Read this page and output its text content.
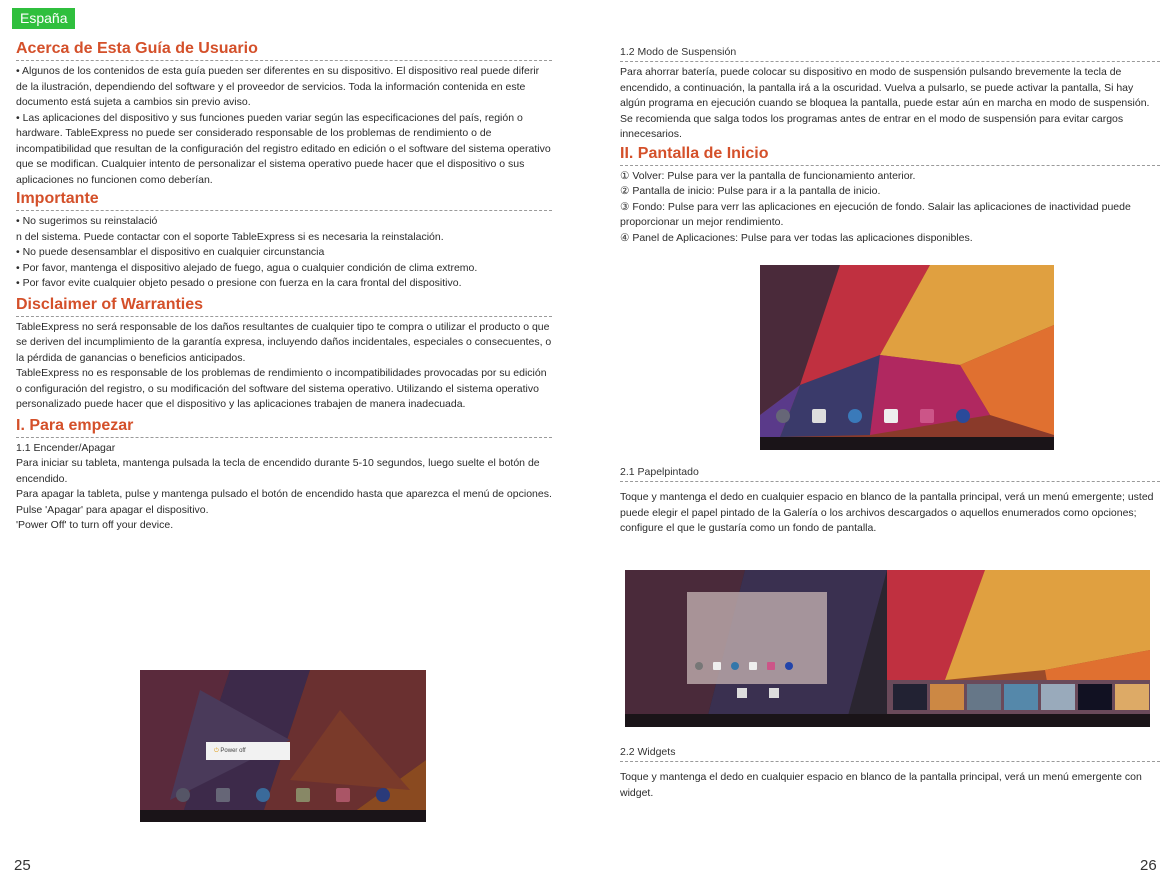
España
Acerca de Esta Guía de Usuario

• Algunos de los contenidos de esta guía pueden ser diferentes en su dispositivo. El dispositivo real puede diferir de la ilustración, dependiendo del software y el proveedor de servicios. Toda la información contenida en este documento está sujeta a cambios sin previo aviso.

• Las aplicaciones del dispositivo y sus funciones pueden variar según las especificaciones del país, región o hardware. TableExpress no puede ser considerado responsable de los problemas de rendimiento o de incompatibilidad que resultan de la configuración del registro editado en edición o el software del sistema operativo que se modifican. Cualquier intento de personalizar el sistema operativo puede hacer que el dispositivo o sus aplicaciones no funcionen como deberían.

Importante

• No sugerimos su reinstalació

n del sistema. Puede contactar con el soporte TableExpress si es necesaria la reinstalación.

• No puede desensamblar el dispositivo en cualquier circunstancia

• Por favor, mantenga el dispositivo alejado de fuego, agua o cualquier condición de clima extremo.

• Por favor evite cualquier objeto pesado o presione con fuerza en la cara frontal del dispositivo.

Disclaimer of Warranties

TableExpress no será responsable de los daños resultantes de cualquier tipo te compra o utilizar el producto o que se deriven del incumplimiento de la garantía expresa, incluyendo daños incidentales, especiales o consecuentes, o la pérdida de ganancias o beneficios anticipados.

TableExpress no es responsable de los problemas de rendimiento o incompatibilidades provocadas por su edición o configuración del registro, o su modificación del software del sistema operativo. Utilizando el sistema operativo personalizado puede hacer que el dispositivo y las aplicaciones trabajen de manera inadecuada.

I. Para empezar

1.1 Encender/Apagar

Para iniciar su tableta, mantenga pulsada la tecla de encendido durante 5-10 segundos, luego suelte el botón de encendido.

Para apagar la tableta, pulse y mantenga pulsado el botón de encendido hasta que aparezca el menú de opciones. Pulse 'Apagar' para apagar el dispositivo.

'Power Off' to turn off your device.

⏻ Power off

1.2 Modo de Suspensión

Para ahorrar batería, puede colocar su dispositivo en modo de suspensión pulsando brevemente la tecla de encendido, a continuación, la pantalla irá a la oscuridad. Vuelva a pulsarlo, se puede activar la pantalla, Si hay algún programa en ejecución cuando se bloquea la pantalla, puede estar aún en marcha en modo de suspensión. Se recomienda que salga todos los programas antes de entrar en el modo de suspensión para evitar cargos innecesarios.

II. Pantalla de Inicio

① Volver: Pulse para ver la pantalla de funcionamiento anterior.

② Pantalla de inicio: Pulse para ir a la pantalla de inicio.

③ Fondo: Pulse para verr las aplicaciones en ejecución de fondo. Salair las aplicaciones de inactividad puede proporcionar un mejor rendimiento.

④ Panel de Aplicaciones: Pulse para ver todas las aplicaciones disponibles.

2.1 Papelpintado

Toque y mantenga el dedo en cualquier espacio en blanco de la pantalla principal, verá un menú emergente; usted puede elegir el papel pintado de la Galería o los archivos descargados o aquellos enumerados como opciones; configure el que le gustaría como un fondo de pantalla.

2.2 Widgets

Toque y mantenga el dedo en cualquier espacio en blanco de la pantalla principal, verá un menú emergente con widget.

25	26
